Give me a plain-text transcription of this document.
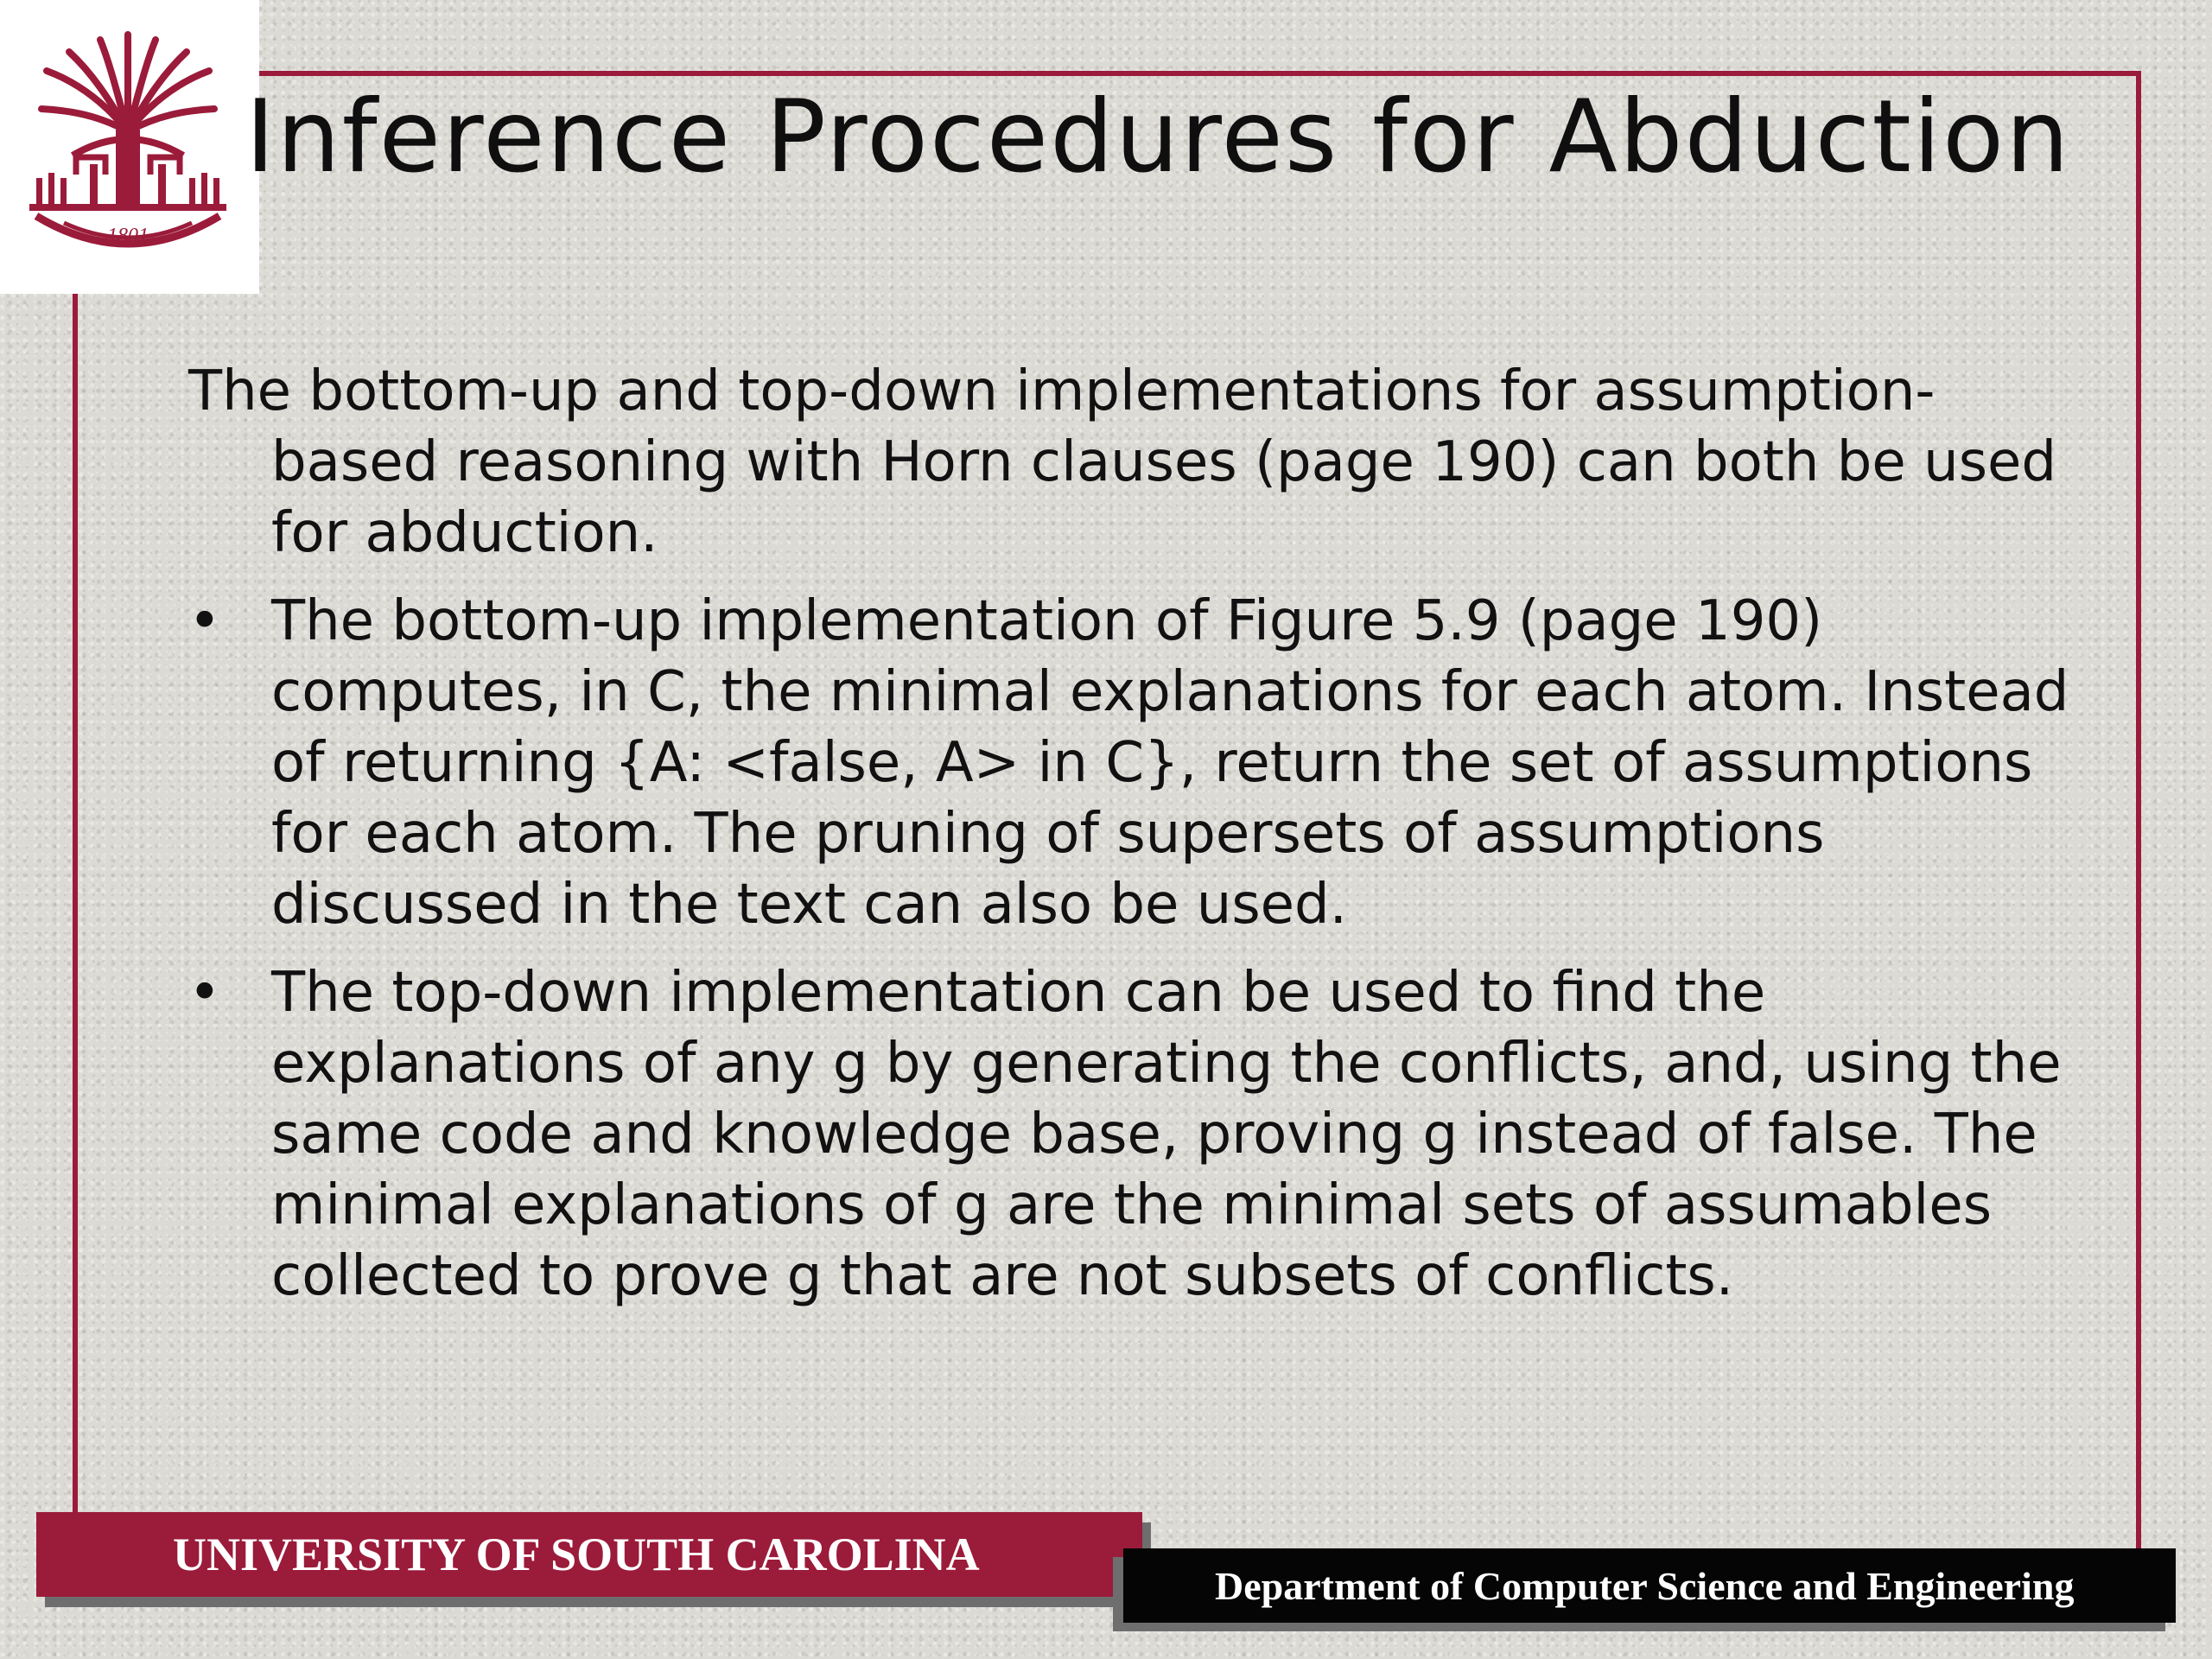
1801
Inference Procedures for Abduction

The bottom-up and top-down implementations for assumption-based reasoning with Horn clauses (page 190) can both be used for abduction.

• The bottom-up implementation of Figure 5.9 (page 190) computes, in C, the minimal explanations for each atom. Instead of returning {A: <false, A> in C}, return the set of assumptions for each atom. The pruning of supersets of assumptions discussed in the text can also be used.
• The top-down implementation can be used to find the explanations of any g by generating the conflicts, and, using the same code and knowledge base, proving g instead of false. The minimal explanations of g are the minimal sets of assumables collected to prove g that are not subsets of conflicts.
UNIVERSITY OF SOUTH CAROLINA
Department of Computer Science and Engineering
